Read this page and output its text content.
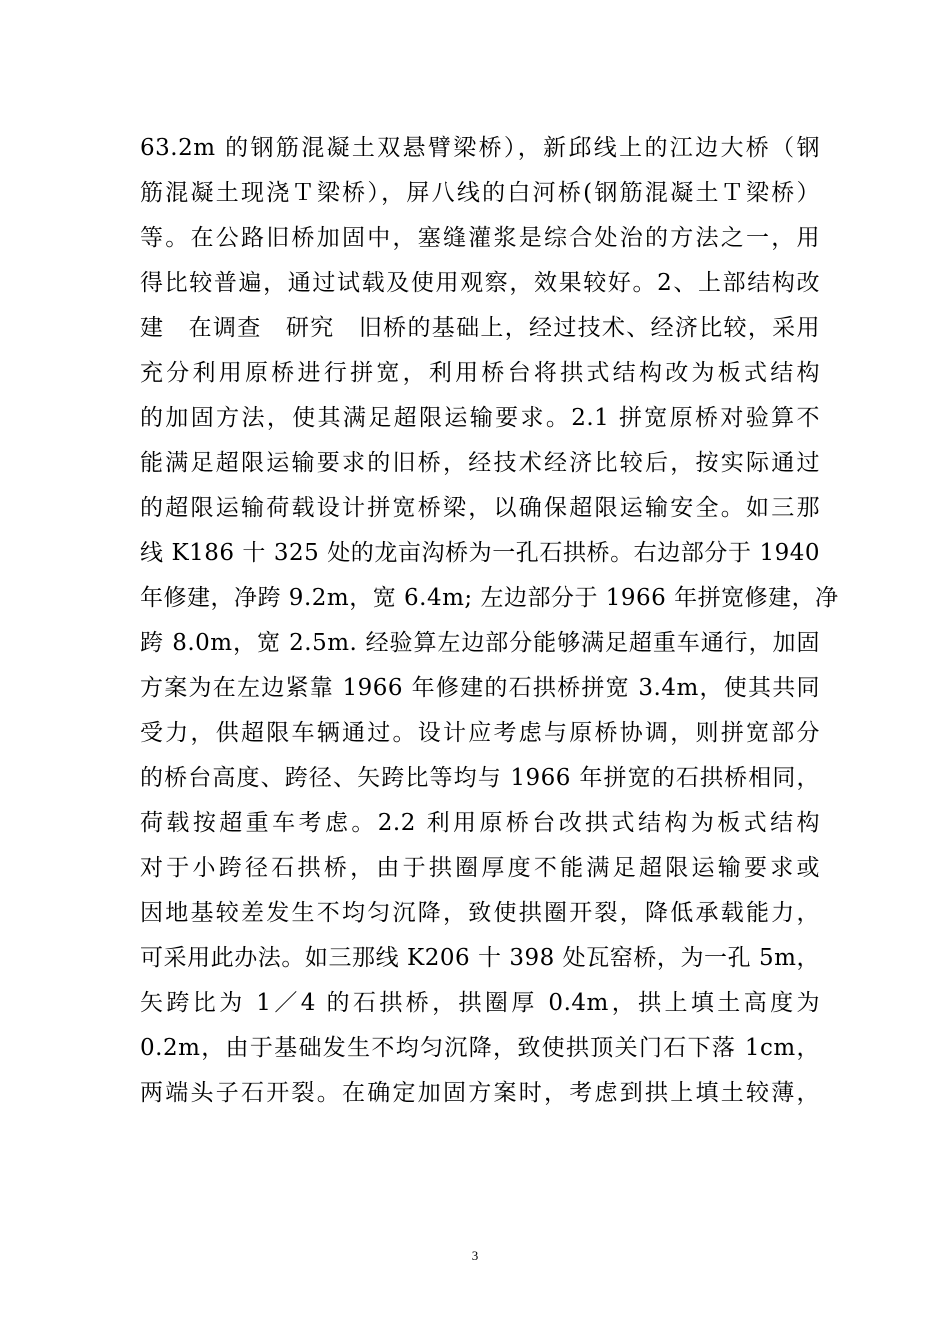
63.2m 的钢筋混凝土双悬臂梁桥），新邱线上的江边大桥（钢
筋混凝土现浇Ｔ梁桥），屏八线的白河桥(钢筋混凝土Ｔ梁桥）
等。在公路旧桥加固中，塞缝灌浆是综合处治的方法之一，用
得比较普遍，通过试载及使用观察，效果较好。2、上部结构改
建　在调查　研究　旧桥的基础上，经过技术、经济比较，采用
充分利用原桥进行拼宽，利用桥台将拱式结构改为板式结构
的加固方法，使其满足超限运输要求。2.1 拼宽原桥对验算不
能满足超限运输要求的旧桥，经技术经济比较后，按实际通过
的超限运输荷载设计拼宽桥梁，以确保超限运输安全。如三那
线 K186 十 325 处的龙亩沟桥为一孔石拱桥。右边部分于 1940
年修建，净跨 9.2m，宽 6.4m; 左边部分于 1966 年拼宽修建，净
跨 8.0m，宽 2.5m. 经验算左边部分能够满足超重车通行，加固
方案为在左边紧靠 1966 年修建的石拱桥拼宽 3.4m，使其共同
受力，供超限车辆通过。设计应考虑与原桥协调，则拼宽部分
的桥台高度、跨径、矢跨比等均与 1966 年拼宽的石拱桥相同，
荷载按超重车考虑。2.2 利用原桥台改拱式结构为板式结构
对于小跨径石拱桥，由于拱圈厚度不能满足超限运输要求或
因地基较差发生不均匀沉降，致使拱圈开裂，降低承载能力，
可采用此办法。如三那线 K206 十 398 处瓦窑桥，为一孔 5m，
矢跨比为 1／4 的石拱桥，拱圈厚 0.4m，拱上填土高度为
0.2m，由于基础发生不均匀沉降，致使拱顶关门石下落 1cm，
两端头子石开裂。在确定加固方案时，考虑到拱上填土较薄，
3
